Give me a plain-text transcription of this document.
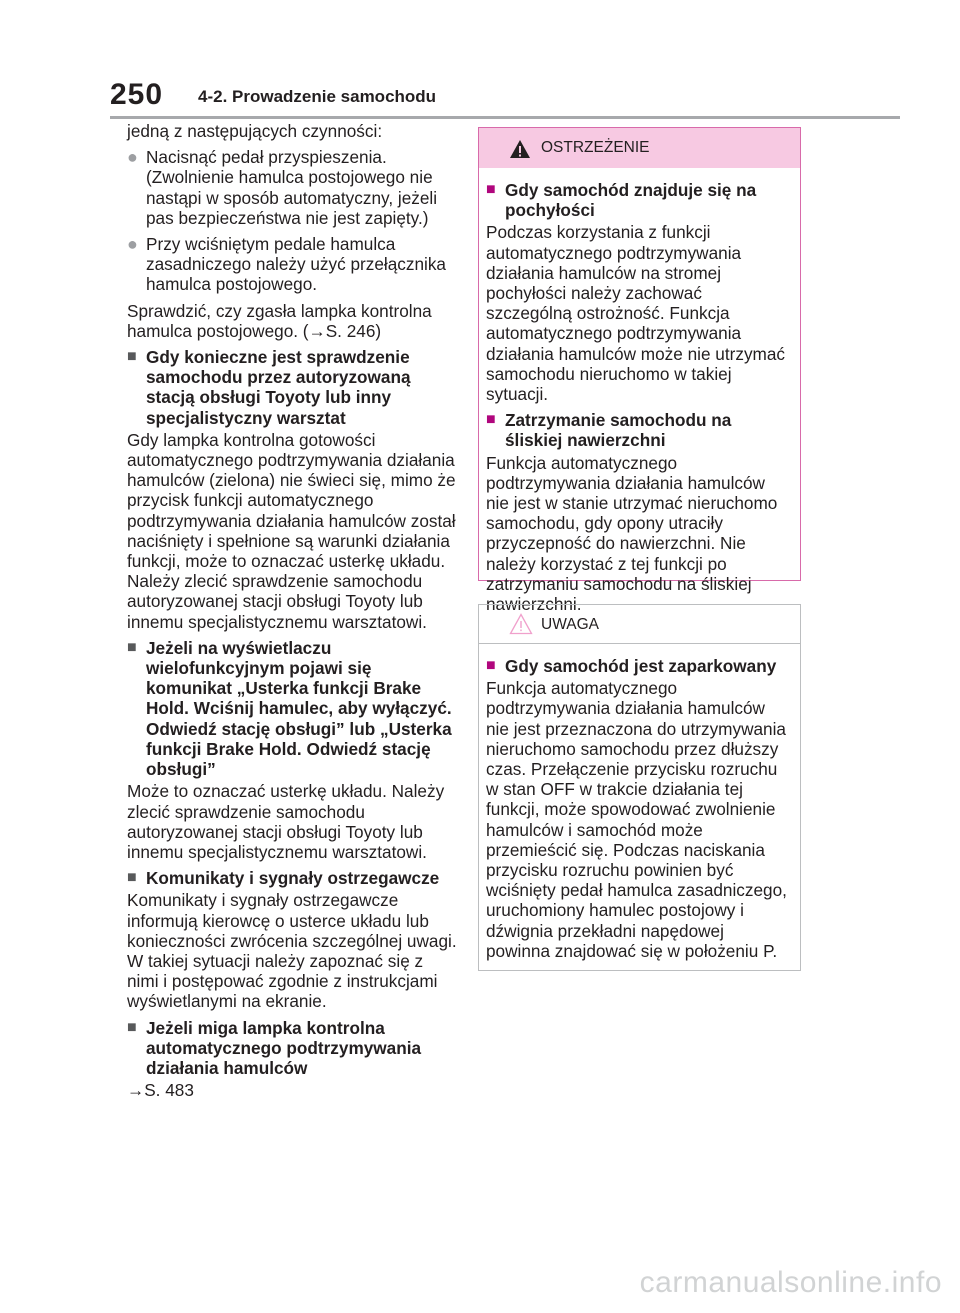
250 4-2. Prowadzenie samochodu

jedną z następujących czynności:

● Nacisnąć pedał przyspieszenia. (Zwolnienie hamulca postojowego nie nastąpi w sposób automatyczny, jeżeli pas bezpieczeństwa nie jest zapięty.)
● Przy wciśniętym pedale hamulca zasadniczego należy użyć przełącznika hamulca postojowego.

Sprawdzić, czy zgasła lampka kontrolna hamulca postojowego. (→S. 246)

■ Gdy konieczne jest sprawdzenie samochodu przez autoryzowaną stacją obsługi Toyoty lub inny specjalistyczny warsztat

Gdy lampka kontrolna gotowości automatycznego podtrzymywania działania hamulców (zielona) nie świeci się, mimo że przycisk funkcji automatycznego podtrzymywania działania hamulców został naciśnięty i spełnione są warunki działania funkcji, może to oznaczać usterkę układu. Należy zlecić sprawdzenie samochodu autoryzowanej stacji obsługi Toyoty lub innemu specjalistycznemu warsztatowi.

■ Jeżeli na wyświetlaczu wielofunkcyjnym pojawi się komunikat „Usterka funkcji Brake Hold. Wciśnij hamulec, aby wyłączyć. Odwiedź stację obsługi” lub „Usterka funkcji Brake Hold. Odwiedź stację obsługi”

Może to oznaczać usterkę układu. Należy zlecić sprawdzenie samochodu autoryzowanej stacji obsługi Toyoty lub innemu specjalistycznemu warsztatowi.

■ Komunikaty i sygnały ostrzegawcze

Komunikaty i sygnały ostrzegawcze informują kierowcę o usterce układu lub konieczności zwrócenia szczególnej uwagi. W takiej sytuacji należy zapoznać się z nimi i postępować zgodnie z instrukcjami wyświetlanymi na ekranie.

■ Jeżeli miga lampka kontrolna automatycznego podtrzymywania działania hamulców

→S. 483

OSTRZEŻENIE
■ Gdy samochód znajduje się na pochyłości

Podczas korzystania z funkcji automatycznego podtrzymywania działania hamulców na stromej pochyłości należy zachować szczególną ostrożność. Funkcja automatycznego podtrzymywania działania hamulców może nie utrzymać samochodu nieruchomo w takiej sytuacji.

■ Zatrzymanie samochodu na śliskiej nawierzchni

Funkcja automatycznego podtrzymywania działania hamulców nie jest w stanie utrzymać nieruchomo samochodu, gdy opony utraciły przyczepność do nawierzchni. Nie należy korzystać z tej funkcji po zatrzymaniu samochodu na śliskiej nawierzchni.

UWAGA
■ Gdy samochód jest zaparkowany

Funkcja automatycznego podtrzymywania działania hamulców nie jest przeznaczona do utrzymywania nieruchomo samochodu przez dłuższy czas. Przełączenie przycisku rozruchu w stan OFF w trakcie działania tej funkcji, może spowodować zwolnienie hamulców i samochód może przemieścić się. Podczas naciskania przycisku rozruchu powinien być wciśnięty pedał hamulca zasadniczego, uruchomiony hamulec postojowy i dźwignia przekładni napędowej powinna znajdować się w położeniu P.

carmanualsonline.info
